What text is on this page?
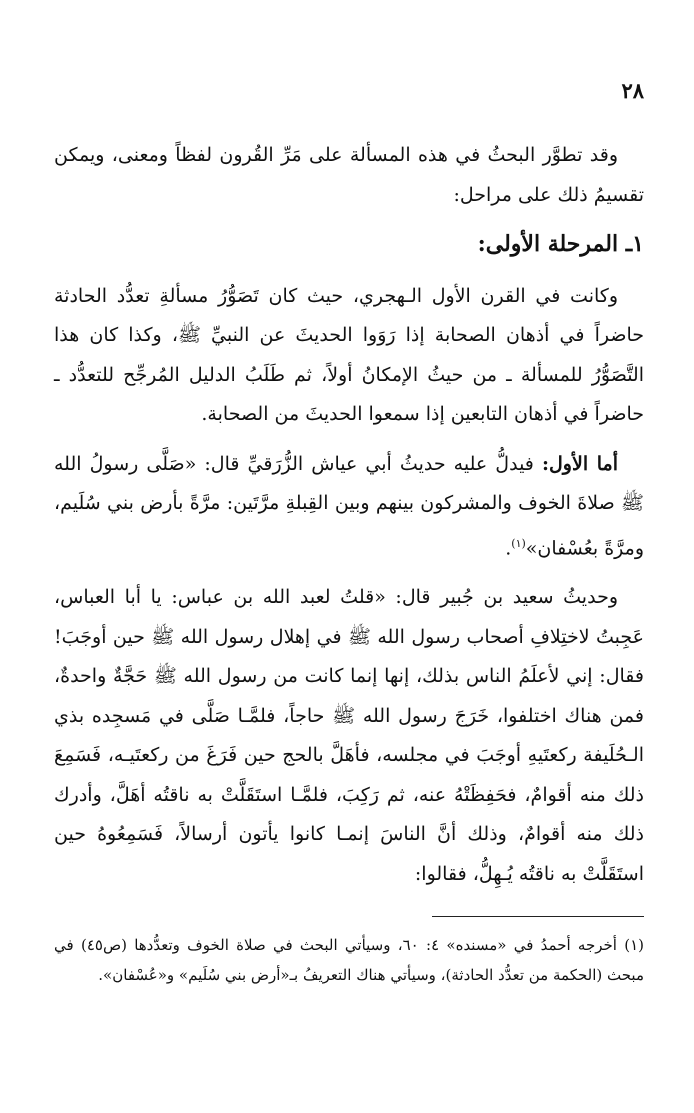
٢٨

وقد تطوَّر البحثُ في هذه المسألة على مَرِّ القُرون لفظاً ومعنى، ويمكن تقسيمُ ذلك على مراحل:

١ـ المرحلة الأولى:

وكانت في القرن الأول الـهجري، حيث كان تَصَوُّرُ مسألةِ تعدُّد الحادثة حاضراً في أذهان الصحابة إذا رَوَوا الحديثَ عن النبيِّ ﷺ، وكذا كان هذا التَّصَوُّرُ للمسألة ـ من حيثُ الإمكانُ أولاً، ثم طَلَبُ الدليل المُرجِّح للتعدُّد ـ حاضراً في أذهان التابعين إذا سمعوا الحديثَ من الصحابة.

أما الأول: فيدلُّ عليه حديثُ أبي عياش الزُّرَقيِّ قال: «صَلَّى رسولُ الله ﷺ صلاةَ الخوف والمشركون بينهم وبين القِبلةِ مرَّتَين: مرَّةً بأرض بني سُلَيم، ومرَّةً بعُسْفان»$^{(١)}$.

وحديثُ سعيد بن جُبير قال: «قلتُ لعبد الله بن عباس: يا أبا العباس، عَجِبتُ لاختِلافِ أصحاب رسول الله ﷺ في إهلال رسول الله ﷺ حين أوجَبَ! فقال: إني لأعلَمُ الناس بذلك، إنها إنما كانت من رسول الله ﷺ حَجَّةٌ واحدةٌ، فمن هناك اختلفوا، خَرَجَ رسول الله ﷺ حاجاً، فلمَّـا صَلَّى في مَسجِده بذي الـحُلَيفة ركعتَيهِ أوجَبَ في مجلسه، فأهَلَّ بالحج حين فَرَغَ من ركعتَيـه، فَسَمِعَ ذلك منه أقوامٌ، فحَفِظَتْهُ عنه، ثم رَكِبَ، فلمَّـا استَقَلَّتْ به ناقتُه أهَلَّ، وأدرك ذلك منه أقوامٌ، وذلك أنَّ الناسَ إنمـا كانوا يأتون أرسالاً، فَسَمِعُوهُ حين استَقَلَّتْ به ناقتُه يُـهِلُّ، فقالوا:

(١) أخرجه أحمدُ في «مسنده» ٤: ٦٠، وسيأتي البحث في صلاة الخوف وتعدُّدها (ص٤٥) في مبحث (الحكمة من تعدُّد الحادثة)، وسيأتي هناك التعريفُ بـ«أرض بني سُلَيم» و«عُسْفان».
